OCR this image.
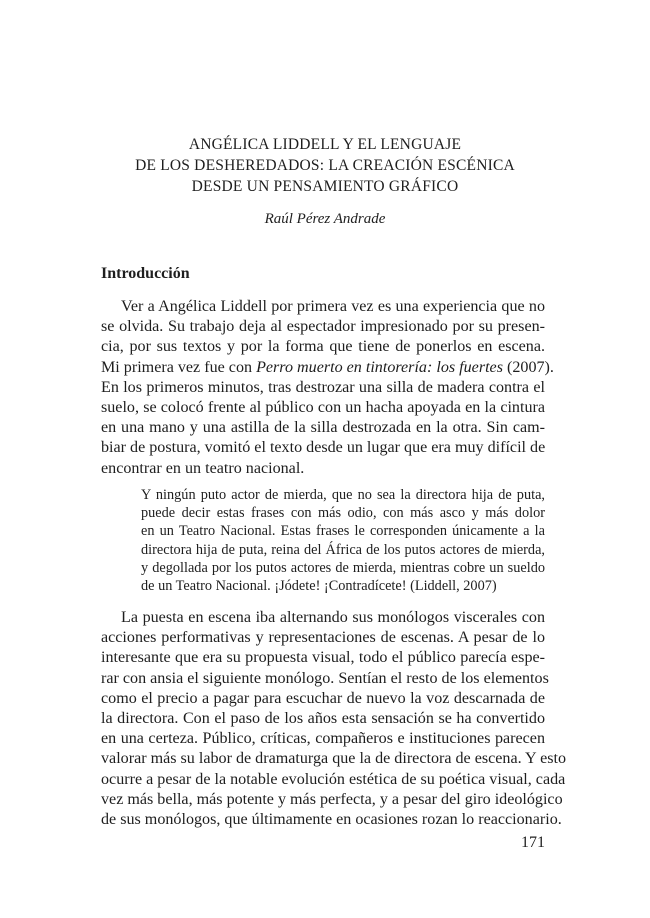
ANGÉLICA LIDDELL Y EL LENGUAJE
DE LOS DESHEREDADOS: LA CREACIÓN ESCÉNICA
DESDE UN PENSAMIENTO GRÁFICO
Raúl Pérez Andrade
Introducción
Ver a Angélica Liddell por primera vez es una experiencia que no
se olvida. Su trabajo deja al espectador impresionado por su presen-
cia, por sus textos y por la forma que tiene de ponerlos en escena.
Mi primera vez fue con Perro muerto en tintorería: los fuertes (2007).
En los primeros minutos, tras destrozar una silla de madera contra el
suelo, se colocó frente al público con un hacha apoyada en la cintura
en una mano y una astilla de la silla destrozada en la otra. Sin cam-
biar de postura, vomitó el texto desde un lugar que era muy difícil de
encontrar en un teatro nacional.
Y ningún puto actor de mierda, que no sea la directora hija de puta,
puede decir estas frases con más odio, con más asco y más dolor
en un Teatro Nacional. Estas frases le corresponden únicamente a la
directora hija de puta, reina del África de los putos actores de mierda,
y degollada por los putos actores de mierda, mientras cobre un sueldo
de un Teatro Nacional. ¡Jódete! ¡Contradícete! (Liddell, 2007)
La puesta en escena iba alternando sus monólogos viscerales con
acciones performativas y representaciones de escenas. A pesar de lo
interesante que era su propuesta visual, todo el público parecía espe-
rar con ansia el siguiente monólogo. Sentían el resto de los elementos
como el precio a pagar para escuchar de nuevo la voz descarnada de
la directora. Con el paso de los años esta sensación se ha convertido
en una certeza. Público, críticas, compañeros e instituciones parecen
valorar más su labor de dramaturga que la de directora de escena. Y esto
ocurre a pesar de la notable evolución estética de su poética visual, cada
vez más bella, más potente y más perfecta, y a pesar del giro ideológico
de sus monólogos, que últimamente en ocasiones rozan lo reaccionario.
171
